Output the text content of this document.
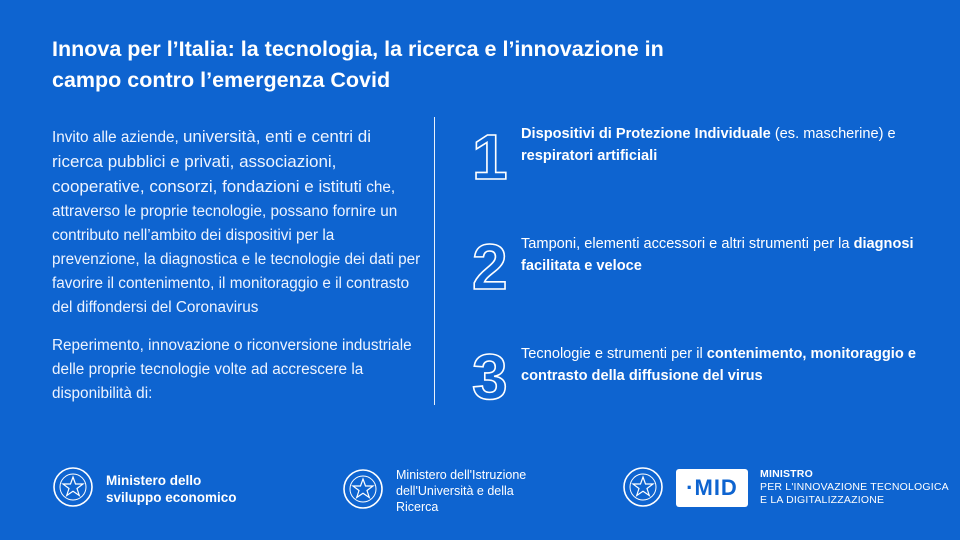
Innova per l’Italia: la tecnologia, la ricerca e l’innovazione in
campo contro l’emergenza Covid

Invito alle aziende, università, enti e centri di ricerca pubblici e privati, associazioni, cooperative, consorzi, fondazioni e istituti che, attraverso le proprie tecnologie, possano fornire un contributo nell’ambito dei dispositivi per la prevenzione, la diagnostica e le tecnologie dei dati per favorire il contenimento, il monitoraggio e il contrasto del diffondersi del Coronavirus

Reperimento, innovazione o riconversione industriale delle proprie tecnologie volte ad accrescere la disponibilità di:

1 Dispositivi di Protezione Individuale (es. mascherine) e respiratori artificiali
2 Tamponi, elementi accessori e altri strumenti per la diagnosi facilitata e veloce
3 Tecnologie e strumenti per il contenimento, monitoraggio e contrasto della diffusione del virus
Ministero dello
sviluppo economico
Ministero dell'Istruzione
dell'Università e della
Ricerca
·MID
MINISTRO
PER L'INNOVAZIONE TECNOLOGICA
E LA DIGITALIZZAZIONE
